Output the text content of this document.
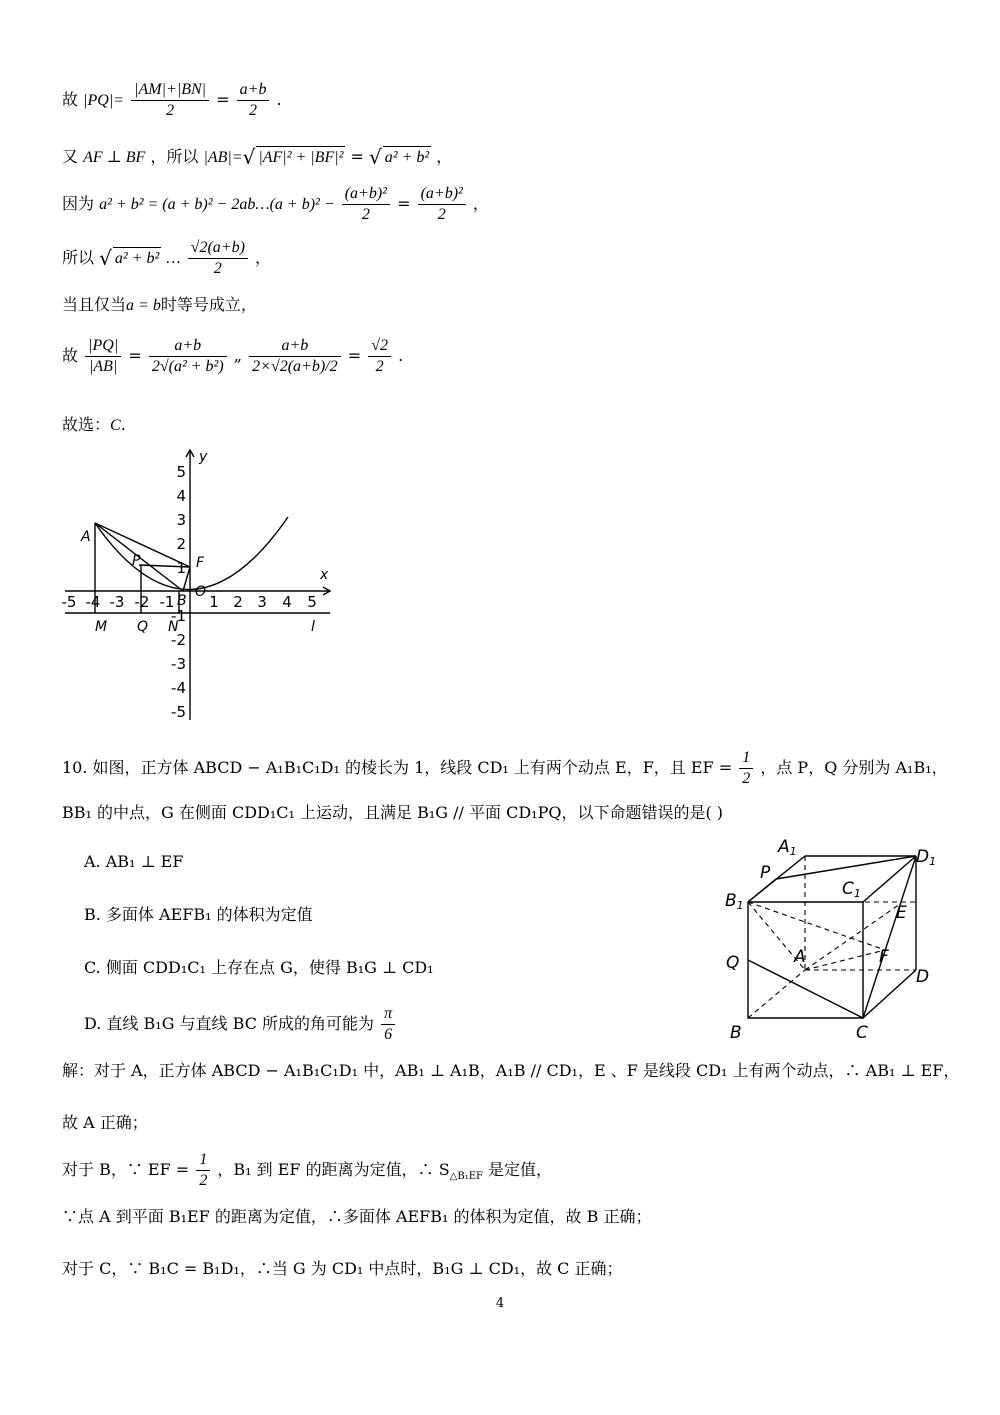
故 $|PQ|= \frac{|AM|+|BN|}{2} = \frac{a+b}{2}$ .
又 AF ⊥ BF ，所以 |AB|=√ |AF|² + |BF|² = √ a² + b² ，
因为 a² + b² = (a + b)² − 2ab…(a + $b)^2 - \frac{\text{(a+b)²}}{2} = \frac{\text{(a+b)²}}{2}$ ，
所以 √ a² + b² … $\frac{√2(a+b)}{2}$ ，
当且仅当a = b时等号成立，
故 $\frac{|PQ|}{|AB|} = \frac{a+b}{\text{2√(a² + b²)}}$ „ $\frac{a+b}{2\times√2(a+b)/2} = \frac{√2}{2}$ .
故选：C.
-5 -4 -3 -2 -1 1 2 3 4 5
5
4
3
2
1
-1
-2
-3
-4
-5
y
x
A
P	F
O
B
M Q N	l
10. 如图，正方体 ABCD − A₁B₁C₁D₁ 的棱长为 1，线段 CD₁ 上有两个动点 E，F，且 EF = $\frac{1}{2}$ ，点 P，Q 分别为 A₁B₁，
BB₁ 的中点，G 在侧面 CDD₁C₁ 上运动，且满足 B₁G // 平面 CD₁PQ，以下命题错误的是( )
A. AB₁ ⊥ EF
B. 多面体 AEFB₁ 的体积为定值
C. 侧面 CDD₁C₁ 上存在点 G，使得 B₁G ⊥ CD₁
D. 直线 B₁G 与直线 BC 所成的角可能为 $\frac{\pi}{6}$
A1	D1
P
C1
B1	E
Q	A	F
D
B	C
解：对于 A，正方体 ABCD − A₁B₁C₁D₁ 中，AB₁ ⊥ A₁B，A₁B // CD₁，E 、F 是线段 CD₁ 上有两个动点，∴ AB₁ ⊥ EF，
故 A 正确；
对于 B，∵ EF = $\frac{1}{2}$ ，B₁ 到 EF 的距离为定值，∴ $S_{\triangle B_1EF}$ 是定值，
∵点 A 到平面 B₁EF 的距离为定值，∴多面体 AEFB₁ 的体积为定值，故 B 正确；
对于 C，∵ B₁C = B₁D₁，∴当 G 为 CD₁ 中点时，B₁G ⊥ CD₁，故 C 正确；
4
